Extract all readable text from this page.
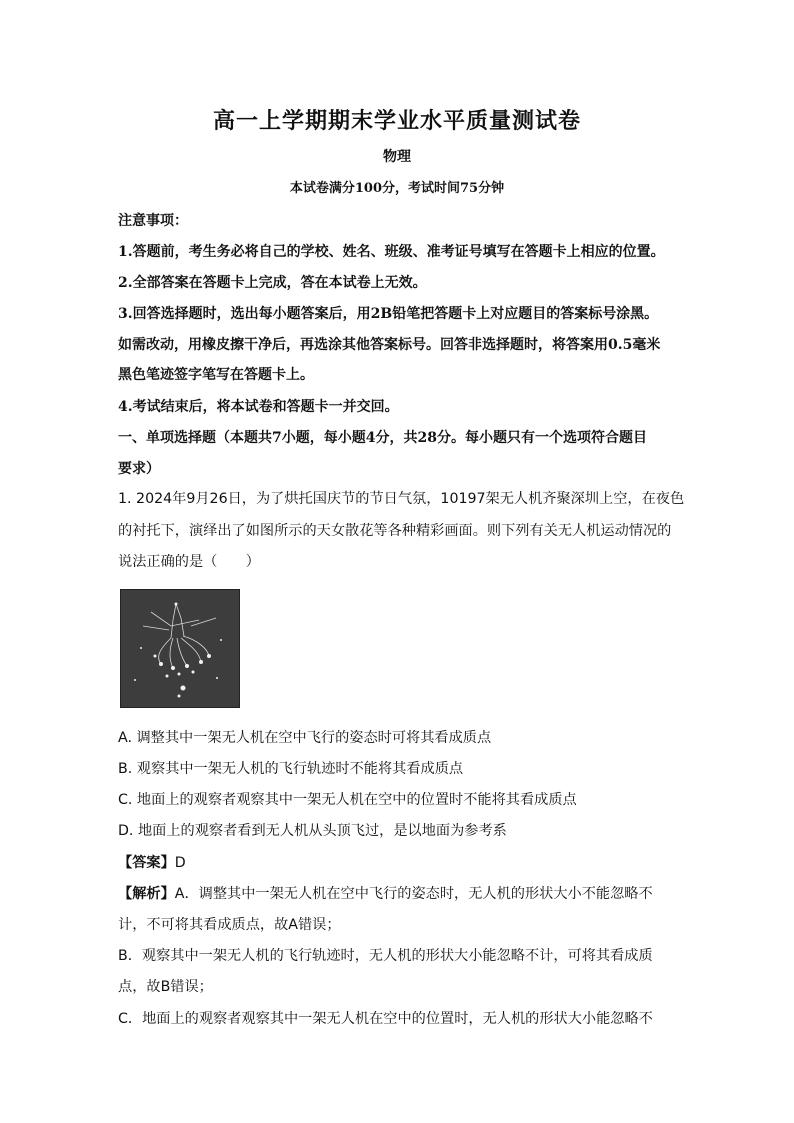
高一上学期期末学业水平质量测试卷
物理
本试卷满分100分，考试时间75分钟
注意事项：
1.答题前，考生务必将自己的学校、姓名、班级、准考证号填写在答题卡上相应的位置。
2.全部答案在答题卡上完成，答在本试卷上无效。
3.回答选择题时，选出每小题答案后，用2B铅笔把答题卡上对应题目的答案标号涂黑。
如需改动，用橡皮擦干净后，再选涂其他答案标号。回答非选择题时，将答案用0.5毫米
黑色笔迹签字笔写在答题卡上。
4.考试结束后，将本试卷和答题卡一并交回。
一、单项选择题（本题共7小题，每小题4分，共28分。每小题只有一个选项符合题目
要求）
1. 2024年9月26日，为了烘托国庆节的节日气氛，10197架无人机齐聚深圳上空，在夜色
的衬托下，演绎出了如图所示的天女散花等各种精彩画面。则下列有关无人机运动情况的
说法正确的是（　　）
A. 调整其中一架无人机在空中飞行的姿态时可将其看成质点
B. 观察其中一架无人机的飞行轨迹时不能将其看成质点
C. 地面上的观察者观察其中一架无人机在空中的位置时不能将其看成质点
D. 地面上的观察者看到无人机从头顶飞过，是以地面为参考系
【答案】D
【解析】A．调整其中一架无人机在空中飞行的姿态时，无人机的形状大小不能忽略不
计，不可将其看成质点，故A错误；
B．观察其中一架无人机的飞行轨迹时，无人机的形状大小能忽略不计，可将其看成质
点，故B错误；
C．地面上的观察者观察其中一架无人机在空中的位置时，无人机的形状大小能忽略不
